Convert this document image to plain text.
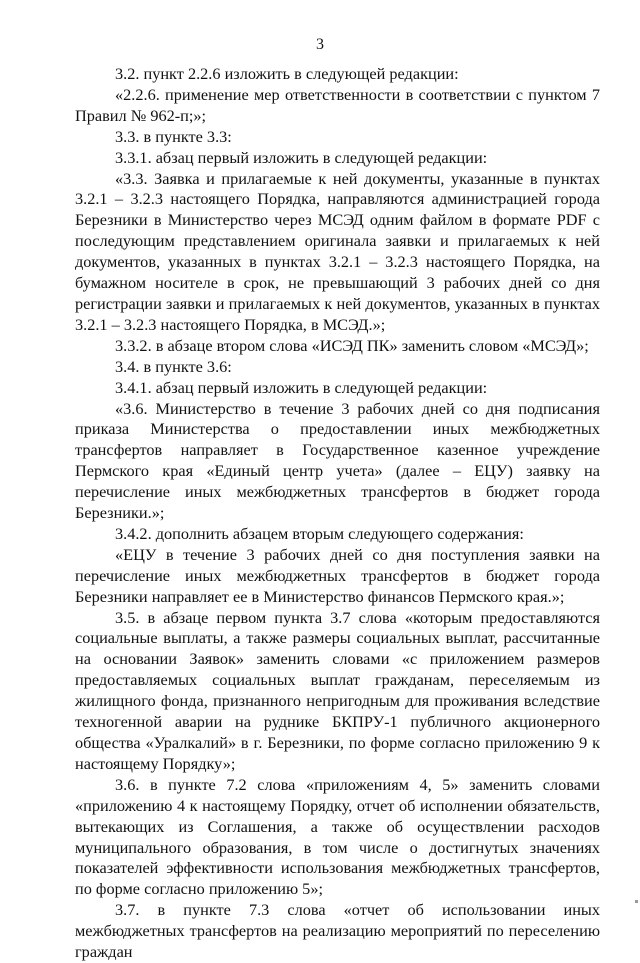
3

3.2. пункт 2.2.6 изложить в следующей редакции:

«2.2.6. применение мер ответственности в соответствии с пунктом 7 Правил № 962-п;»;

3.3. в пункте 3.3:

3.3.1. абзац первый изложить в следующей редакции:

«3.3. Заявка и прилагаемые к ней документы, указанные в пунктах 3.2.1 – 3.2.3 настоящего Порядка, направляются администрацией города Березники в Министерство через МСЭД одним файлом в формате PDF с последующим представлением оригинала заявки и прилагаемых к ней документов, указанных в пунктах 3.2.1 – 3.2.3 настоящего Порядка, на бумажном носителе в срок, не превышающий 3 рабочих дней со дня регистрации заявки и прилагаемых к ней документов, указанных в пунктах 3.2.1 – 3.2.3 настоящего Порядка, в МСЭД.»;

3.3.2. в абзаце втором слова «ИСЭД ПК» заменить словом «МСЭД»;

3.4. в пункте 3.6:

3.4.1. абзац первый изложить в следующей редакции:

«3.6. Министерство в течение 3 рабочих дней со дня подписания приказа Министерства о предоставлении иных межбюджетных трансфертов направляет в Государственное казенное учреждение Пермского края «Единый центр учета» (далее – ЕЦУ) заявку на перечисление иных межбюджетных трансфертов в бюджет города Березники.»;

3.4.2. дополнить абзацем вторым следующего содержания:

«ЕЦУ в течение 3 рабочих дней со дня поступления заявки на перечисление иных межбюджетных трансфертов в бюджет города Березники направляет ее в Министерство финансов Пермского края.»;

3.5. в абзаце первом пункта 3.7 слова «которым предоставляются социальные выплаты, а также размеры социальных выплат, рассчитанные на основании Заявок» заменить словами «с приложением размеров предоставляемых социальных выплат гражданам, переселяемым из жилищного фонда, признанного непригодным для проживания вследствие техногенной аварии на руднике БКПРУ-1 публичного акционерного общества «Уралкалий» в г. Березники, по форме согласно приложению 9 к настоящему Порядку»;

3.6. в пункте 7.2 слова «приложениям 4, 5» заменить словами «приложению 4 к настоящему Порядку, отчет об исполнении обязательств, вытекающих из Соглашения, а также об осуществлении расходов муниципального образования, в том числе о достигнутых значениях показателей эффективности использования межбюджетных трансфертов, по форме согласно приложению 5»;

3.7. в пункте 7.3 слова «отчет об использовании иных межбюджетных трансфертов на реализацию мероприятий по переселению граждан
